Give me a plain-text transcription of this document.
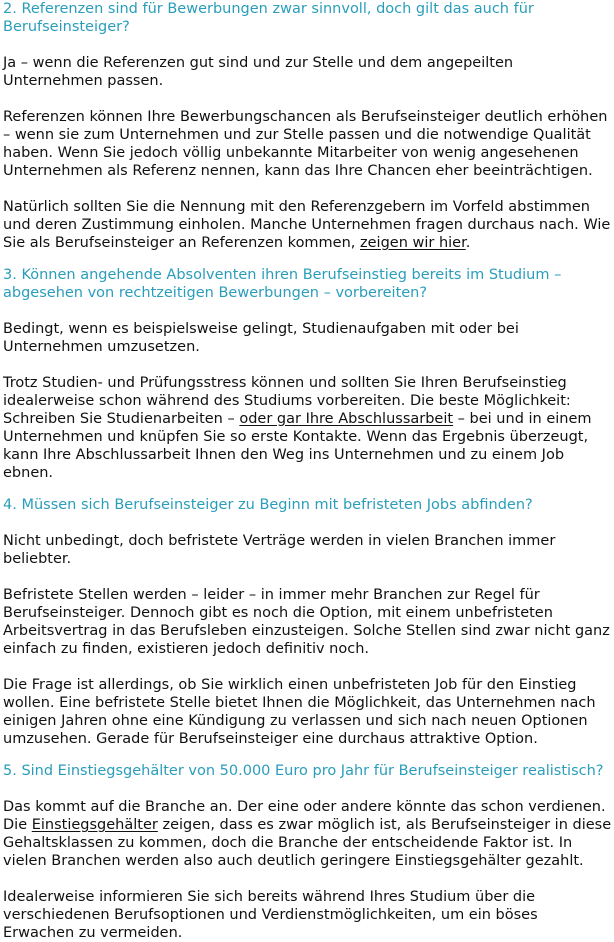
2. Referenzen sind für Bewerbungen zwar sinnvoll, doch gilt das auch für Berufseinsteiger?

Ja – wenn die Referenzen gut sind und zur Stelle und dem angepeilten Unternehmen passen.

Referenzen können Ihre Bewerbungschancen als Berufseinsteiger deutlich erhöhen – wenn sie zum Unternehmen und zur Stelle passen und die notwendige Qualität haben. Wenn Sie jedoch völlig unbekannte Mitarbeiter von wenig angesehenen Unternehmen als Referenz nennen, kann das Ihre Chancen eher beeinträchtigen.

Natürlich sollten Sie die Nennung mit den Referenzgebern im Vorfeld abstimmen und deren Zustimmung einholen. Manche Unternehmen fragen durchaus nach. Wie Sie als Berufseinsteiger an Referenzen kommen, zeigen wir hier.

3. Können angehende Absolventen ihren Berufseinstieg bereits im Studium – abgesehen von rechtzeitigen Bewerbungen – vorbereiten?

Bedingt, wenn es beispielsweise gelingt, Studienaufgaben mit oder bei Unternehmen umzusetzen.

Trotz Studien- und Prüfungsstress können und sollten Sie Ihren Berufseinstieg idealerweise schon während des Studiums vorbereiten. Die beste Möglichkeit: Schreiben Sie Studienarbeiten – oder gar Ihre Abschlussarbeit – bei und in einem Unternehmen und knüpfen Sie so erste Kontakte. Wenn das Ergebnis überzeugt, kann Ihre Abschlussarbeit Ihnen den Weg ins Unternehmen und zu einem Job ebnen.

4. Müssen sich Berufseinsteiger zu Beginn mit befristeten Jobs abfinden?

Nicht unbedingt, doch befristete Verträge werden in vielen Branchen immer beliebter.

Befristete Stellen werden – leider – in immer mehr Branchen zur Regel für Berufseinsteiger. Dennoch gibt es noch die Option, mit einem unbefristeten Arbeitsvertrag in das Berufsleben einzusteigen. Solche Stellen sind zwar nicht ganz einfach zu finden, existieren jedoch definitiv noch.

Die Frage ist allerdings, ob Sie wirklich einen unbefristeten Job für den Einstieg wollen. Eine befristete Stelle bietet Ihnen die Möglichkeit, das Unternehmen nach einigen Jahren ohne eine Kündigung zu verlassen und sich nach neuen Optionen umzusehen. Gerade für Berufseinsteiger eine durchaus attraktive Option.

5. Sind Einstiegsgehälter von 50.000 Euro pro Jahr für Berufseinsteiger realistisch?

Das kommt auf die Branche an. Der eine oder andere könnte das schon verdienen. Die Einstiegsgehälter zeigen, dass es zwar möglich ist, als Berufseinsteiger in diese Gehaltsklassen zu kommen, doch die Branche der entscheidende Faktor ist. In vielen Branchen werden also auch deutlich geringere Einstiegsgehälter gezahlt.

Idealerweise informieren Sie sich bereits während Ihres Studium über die verschiedenen Berufsoptionen und Verdienstmöglichkeiten, um ein böses Erwachen zu vermeiden.
